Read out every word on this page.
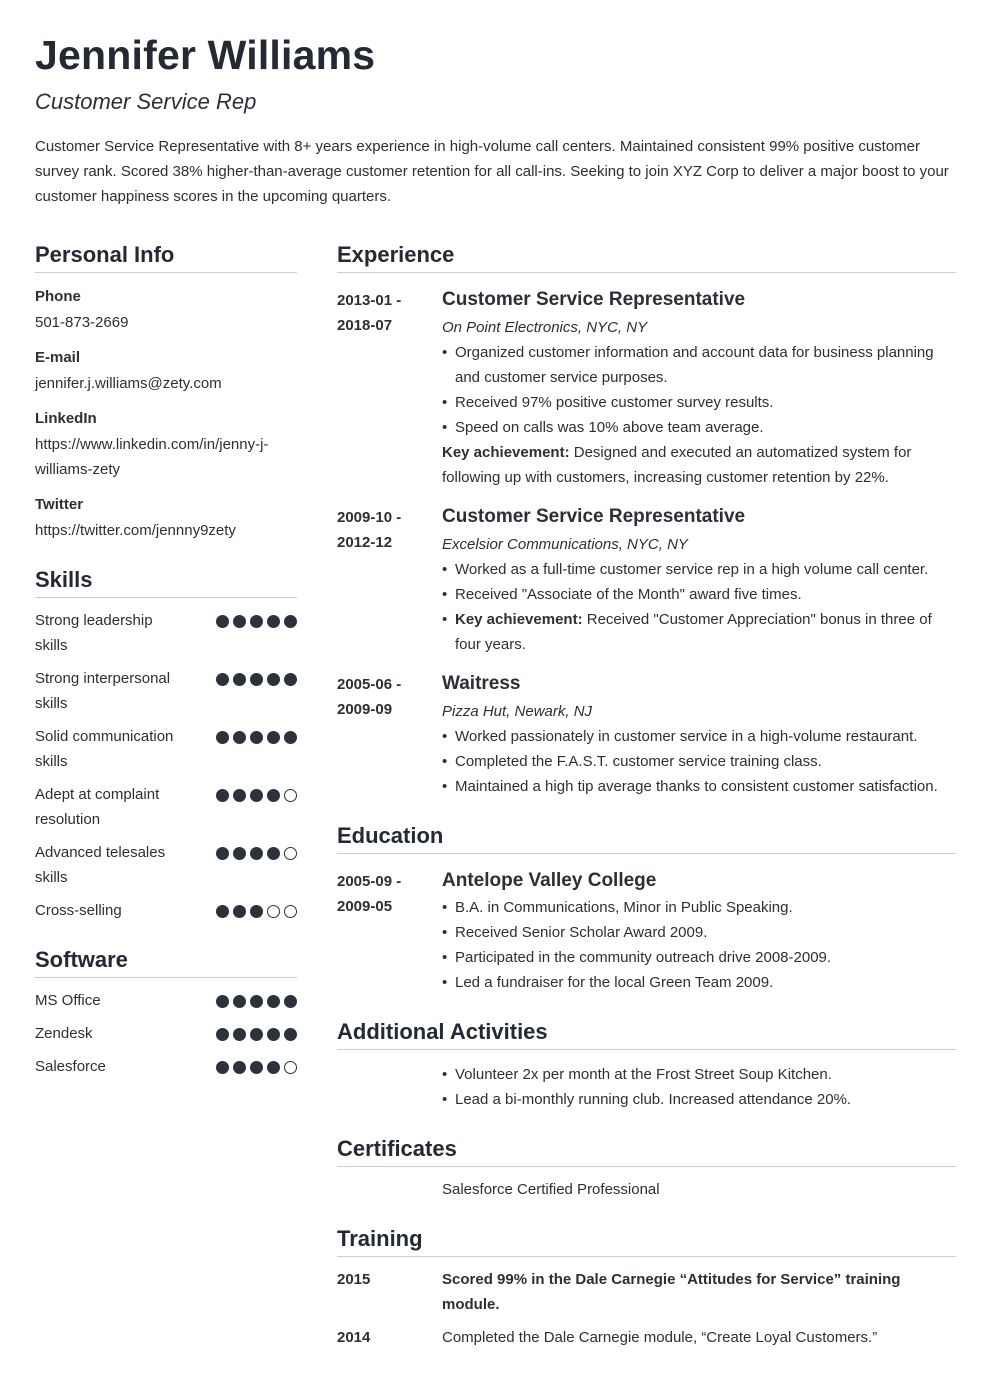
Jennifer Williams
Customer Service Rep

Customer Service Representative with 8+ years experience in high-volume call centers. Maintained consistent 99% positive customer survey rank. Scored 38% higher-than-average customer retention for all call-ins. Seeking to join XYZ Corp to deliver a major boost to your customer happiness scores in the upcoming quarters.

Personal Info
Phone
501-873-2669
E-mail
jennifer.j.williams@zety.com
LinkedIn
https://www.linkedin.com/in/jenny-j-williams-zety
Twitter
https://twitter.com/jennny9zety
Skills
Strong leadership skills
Strong interpersonal skills
Solid communication skills
Adept at complaint resolution
Advanced telesales skills
Cross-selling
Software
MS Office
Zendesk
Salesforce
Experience
2013-01 -
2018-07
Customer Service Representative
On Point Electronics, NYC, NY
• Organized customer information and account data for business planning and customer service purposes.
• Received 97% positive customer survey results.
• Speed on calls was 10% above team average.
Key achievement: Designed and executed an automatized system for following up with customers, increasing customer retention by 22%.
2009-10 -
2012-12
Customer Service Representative
Excelsior Communications, NYC, NY
• Worked as a full-time customer service rep in a high volume call center.
• Received "Associate of the Month" award five times.
• Key achievement: Received "Customer Appreciation" bonus in three of four years.
2005-06 -
2009-09
Waitress
Pizza Hut, Newark, NJ
• Worked passionately in customer service in a high-volume restaurant.
• Completed the F.A.S.T. customer service training class.
• Maintained a high tip average thanks to consistent customer satisfaction.
Education
2005-09 -
2009-05
Antelope Valley College
• B.A. in Communications, Minor in Public Speaking.
• Received Senior Scholar Award 2009.
• Participated in the community outreach drive 2008-2009.
• Led a fundraiser for the local Green Team 2009.
Additional Activities
• Volunteer 2x per month at the Frost Street Soup Kitchen.
• Lead a bi-monthly running club. Increased attendance 20%.
Certificates
Salesforce Certified Professional
Training
2015	Scored 99% in the Dale Carnegie “Attitudes for Service” training module.
2014	Completed the Dale Carnegie module, “Create Loyal Customers.”
